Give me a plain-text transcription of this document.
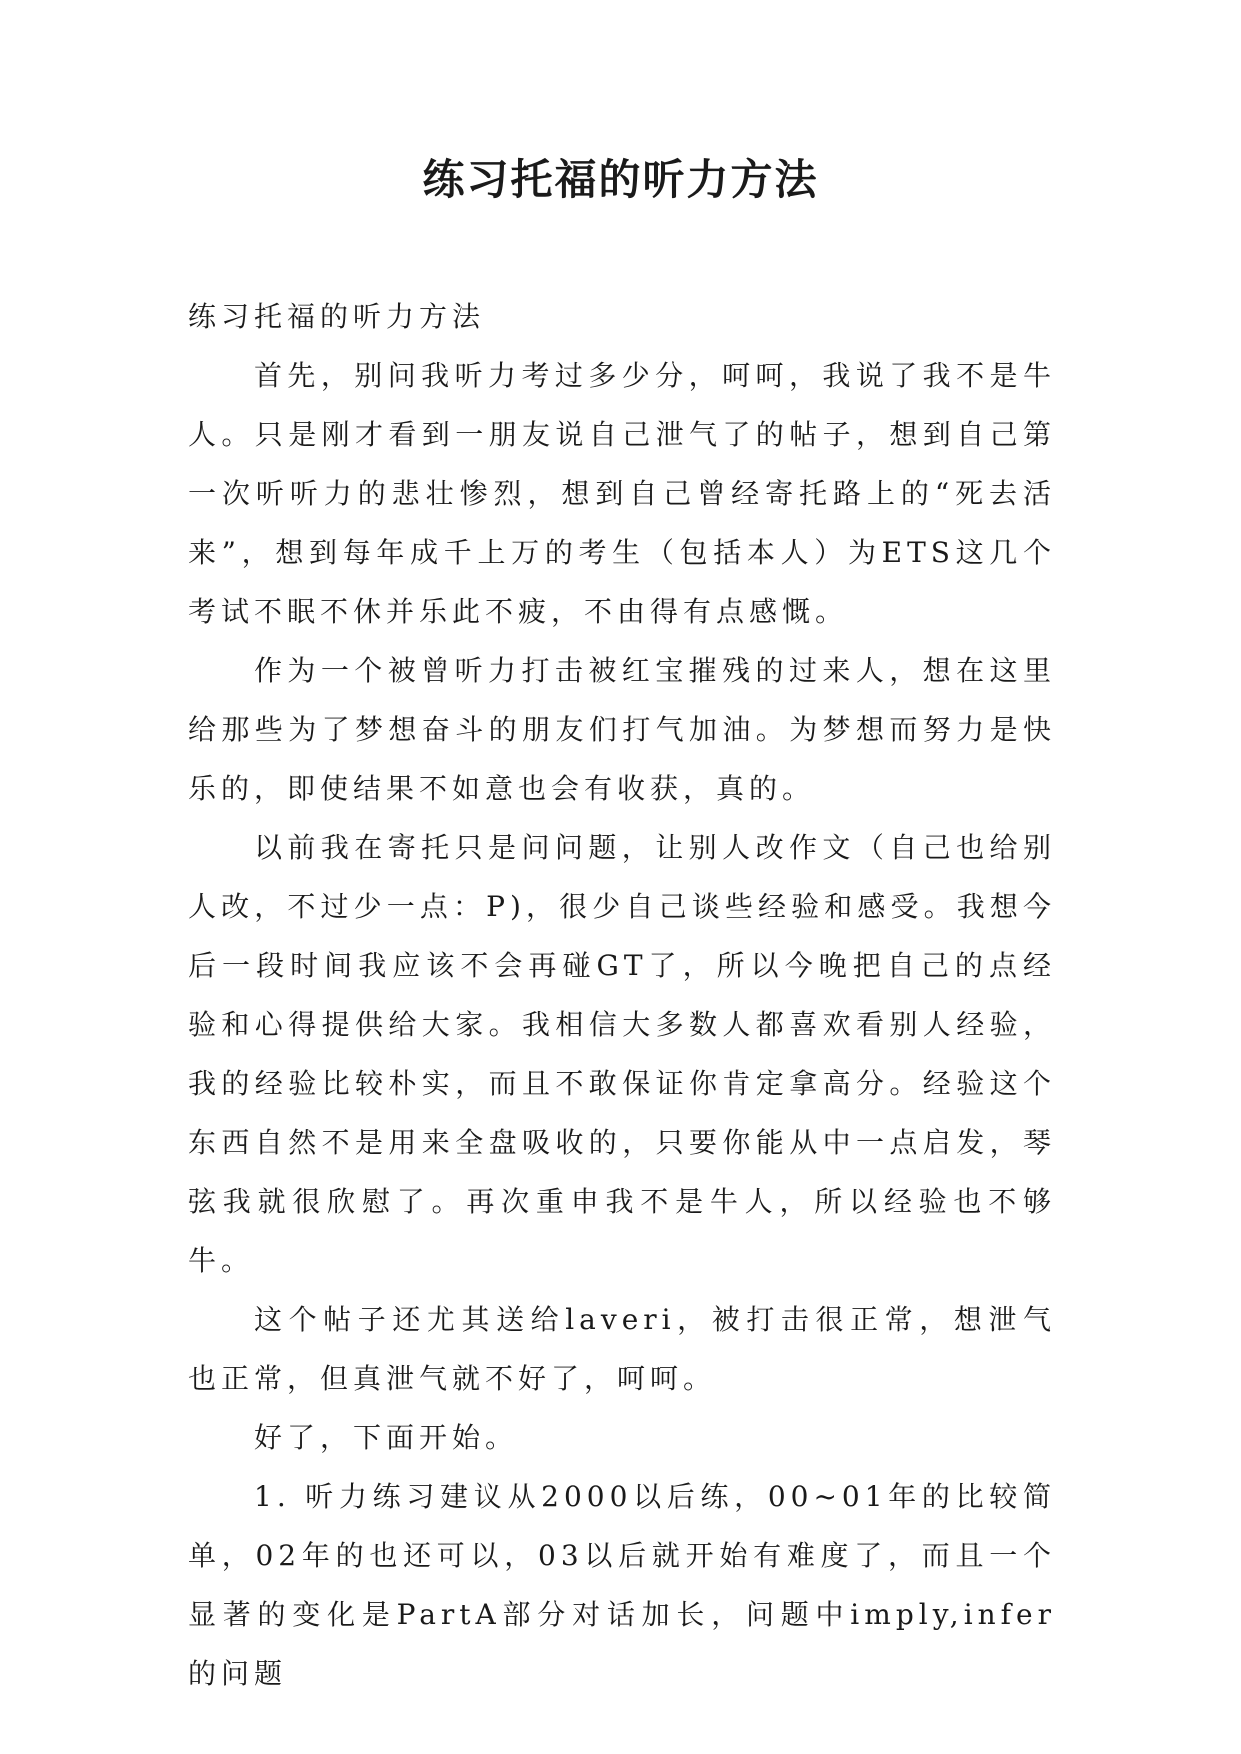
练习托福的听力方法

练习托福的听力方法

首先，别问我听力考过多少分，呵呵，我说了我不是牛人。只是刚才看到一朋友说自己泄气了的帖子，想到自己第一次听听力的悲壮惨烈，想到自己曾经寄托路上的“死去活来”，想到每年成千上万的考生（包括本人）为ETS这几个考试不眠不休并乐此不疲，不由得有点感慨。

作为一个被曾听力打击被红宝摧残的过来人，想在这里给那些为了梦想奋斗的朋友们打气加油。为梦想而努力是快乐的，即使结果不如意也会有收获，真的。

以前我在寄托只是问问题，让别人改作文（自己也给别人改，不过少一点：P)，很少自己谈些经验和感受。我想今后一段时间我应该不会再碰GT了，所以今晚把自己的点经验和心得提供给大家。我相信大多数人都喜欢看别人经验，我的经验比较朴实，而且不敢保证你肯定拿高分。经验这个东西自然不是用来全盘吸收的，只要你能从中一点启发，琴弦我就很欣慰了。再次重申我不是牛人，所以经验也不够牛。

这个帖子还尤其送给laveri，被打击很正常，想泄气也正常，但真泄气就不好了，呵呵。

好了，下面开始。

1. 听力练习建议从2000以后练，00~01年的比较简单，02年的也还可以，03以后就开始有难度了，而且一个显著的变化是PartA部分对话加长，问题中imply,infer的问题
